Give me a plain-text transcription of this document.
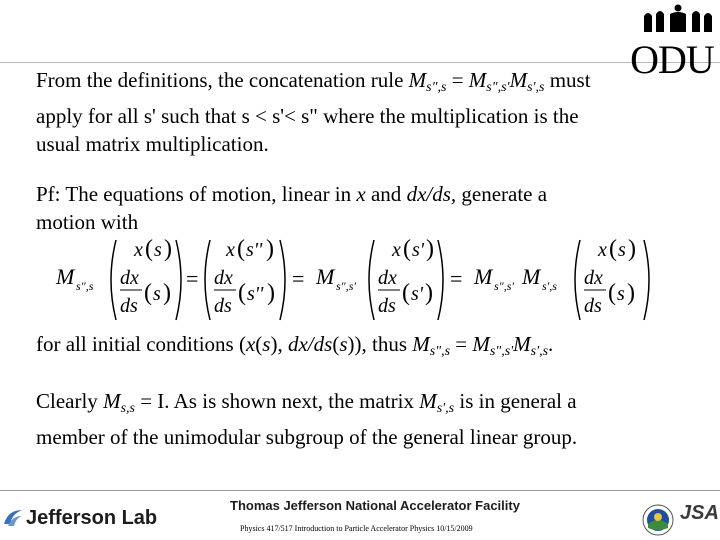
ODU
From the definitions, the concatenation rule $M_{s",s} = M_{s",s'}M_{s',s}$ must
apply for all s' such that s < s'< s" where the multiplication is the
usual matrix multiplication.
Pf: The equations of motion, linear in x and dx/ds, generate a
motion with
M s",s
x ( s )
dx
ds ( s )
=
x ( s'' )
dx
ds ( s'' )
= M s",s'
x ( s' )
dx
ds ( s' )
= M s",s' M s',s
x ( s )
dx
ds ( s )
for all initial conditions (x(s), dx/ds(s)), thus $M_{s",s} = M_{s",s'}M_{s',s}$.
Clearly $M_{s,s} = I$. As is shown next, the matrix $M_{s',s}$ is in general a
member of the unimodular subgroup of the general linear group.
Jefferson Lab
Thomas Jefferson National Accelerator Facility
Physics 417/517 Introduction to Particle Accelerator Physics 10/15/2009
JSA
